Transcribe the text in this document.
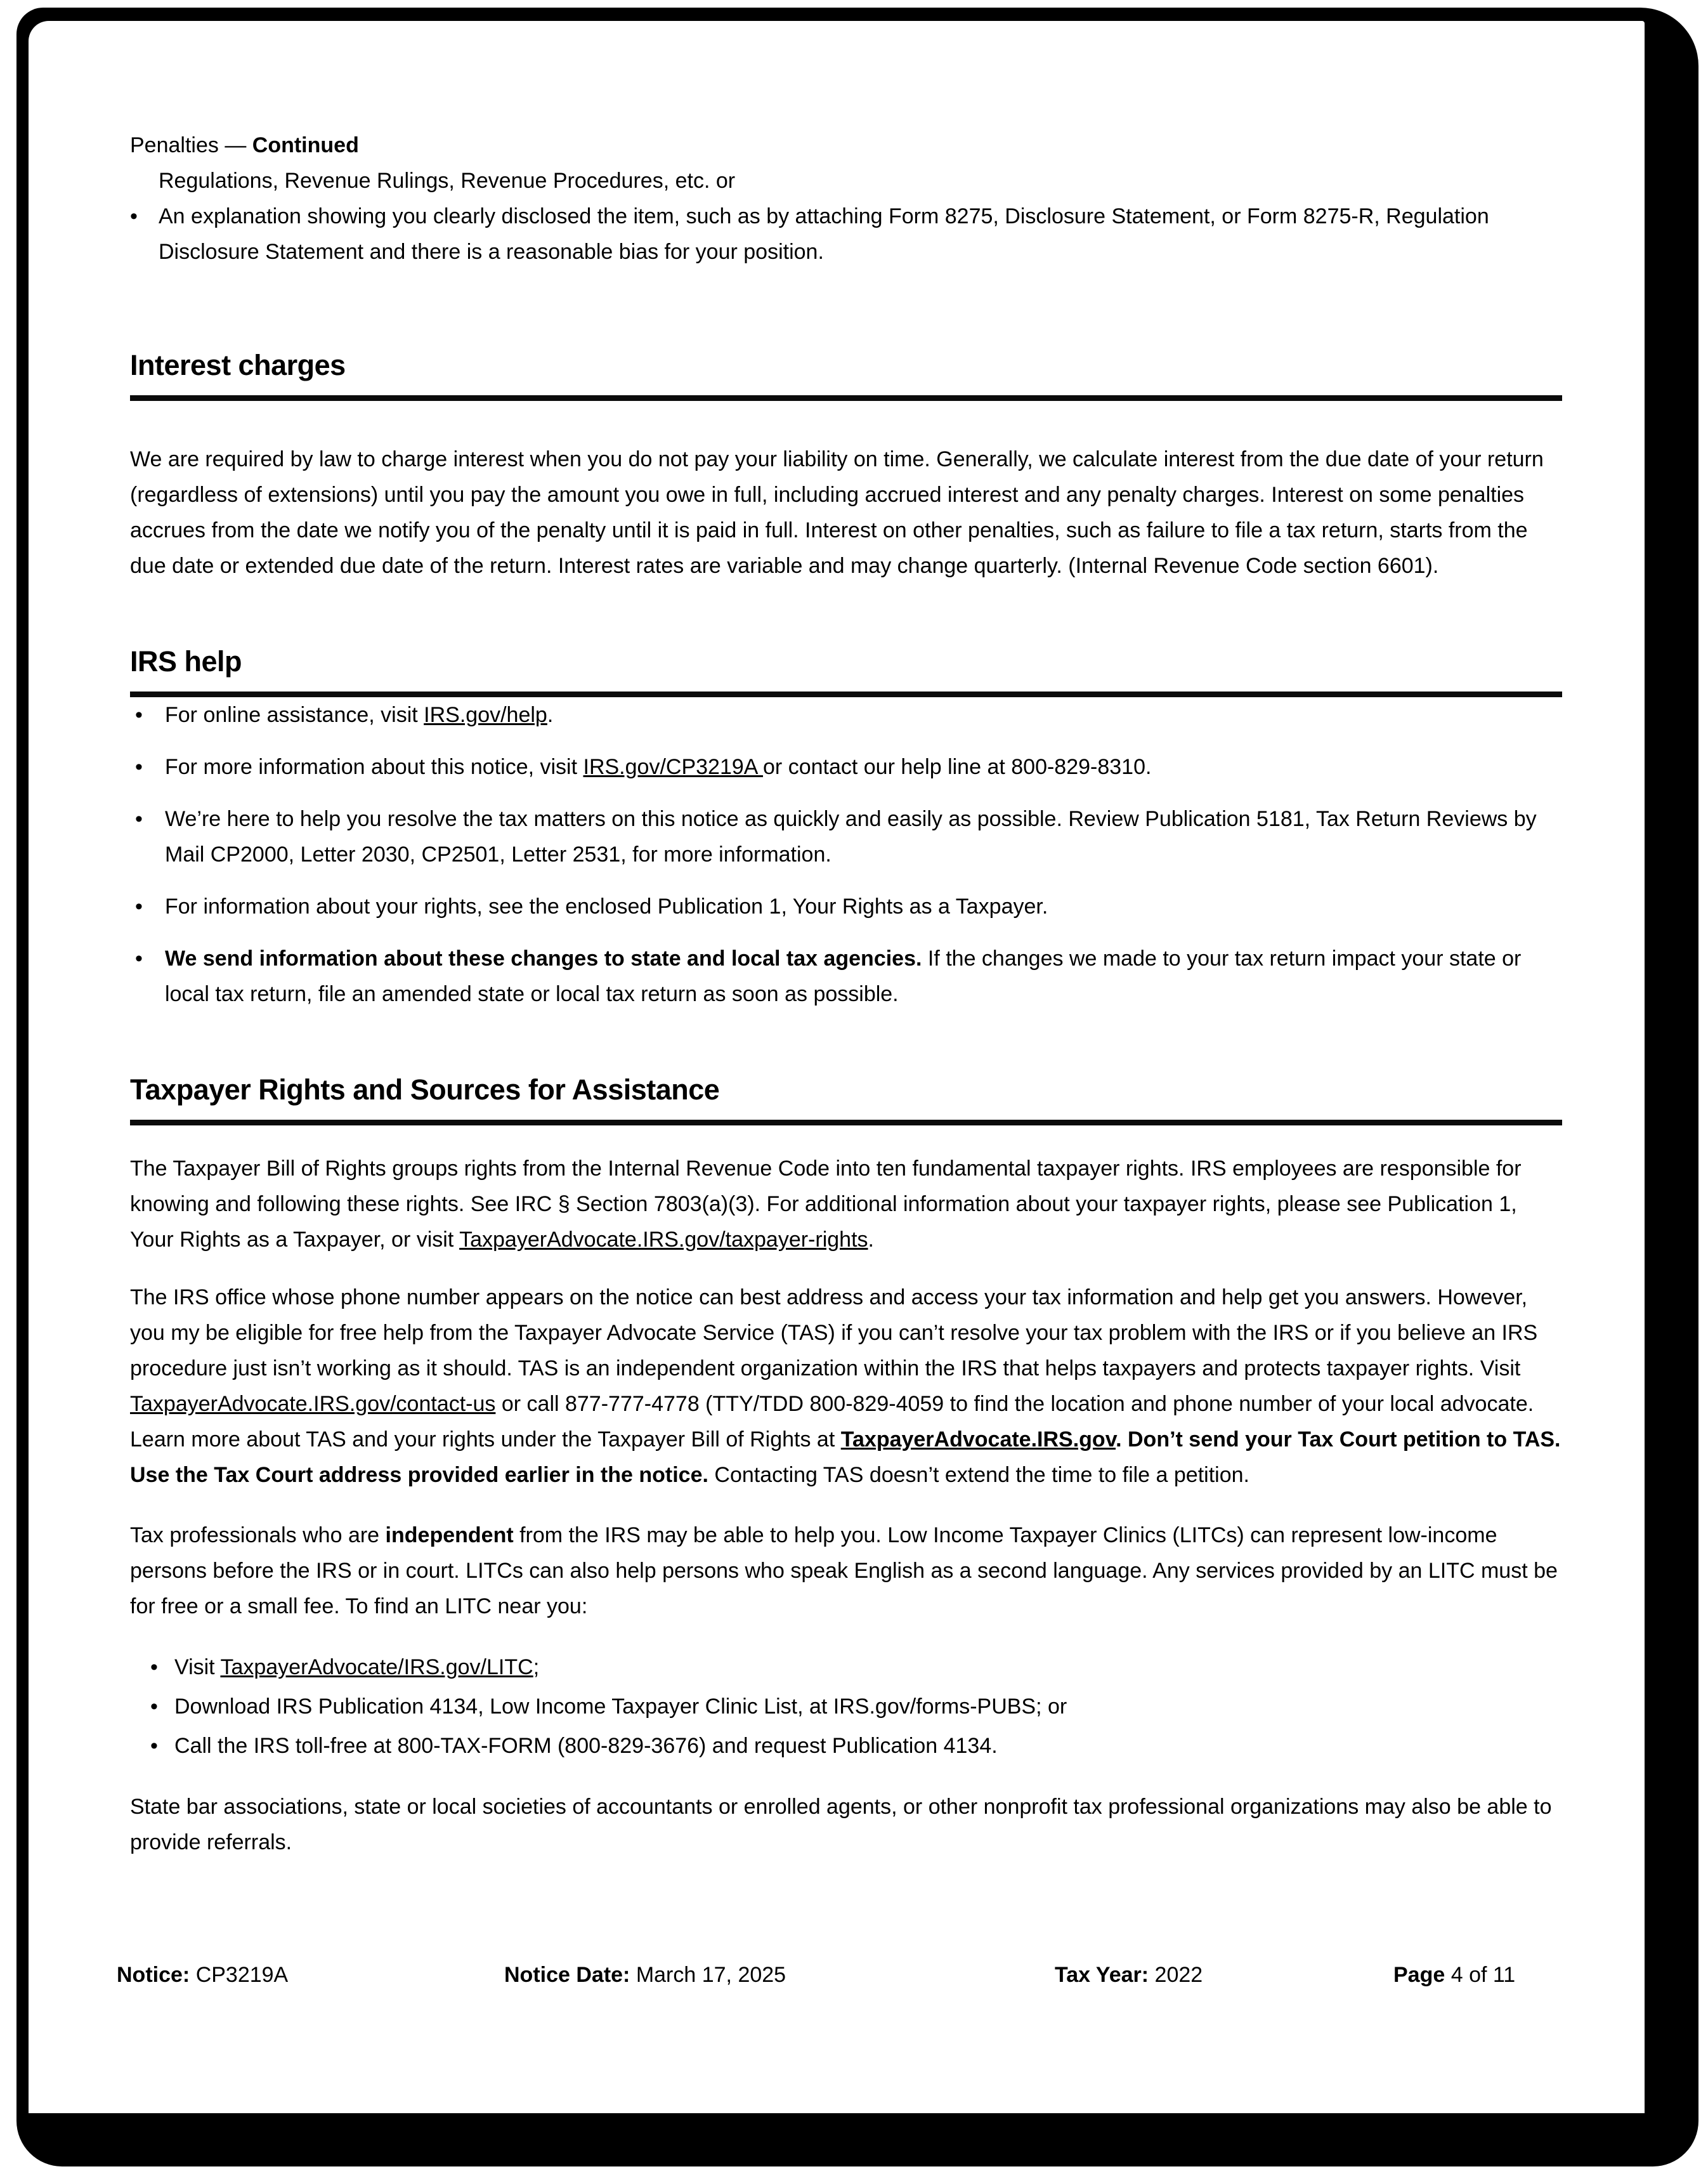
Penalties — Continued

Regulations, Revenue Rulings, Revenue Procedures, etc. or

• An explanation showing you clearly disclosed the item, such as by attaching Form 8275, Disclosure Statement, or Form 8275-R, Regulation Disclosure Statement and there is a reasonable bias for your position.
Interest charges

We are required by law to charge interest when you do not pay your liability on time. Generally, we calculate interest from the due date of your return (regardless of extensions) until you pay the amount you owe in full, including accrued interest and any penalty charges. Interest on some penalties accrues from the date we notify you of the penalty until it is paid in full. Interest on other penalties, such as failure to file a tax return, starts from the due date or extended due date of the return. Interest rates are variable and may change quarterly. (Internal Revenue Code section 6601).

IRS help
• For online assistance, visit IRS.gov/help.
• For more information about this notice, visit IRS.gov/CP3219A or contact our help line at 800-829-8310.
• We’re here to help you resolve the tax matters on this notice as quickly and easily as possible. Review Publication 5181, Tax Return Reviews by Mail CP2000, Letter 2030, CP2501, Letter 2531, for more information.
• For information about your rights, see the enclosed Publication 1, Your Rights as a Taxpayer.
• We send information about these changes to state and local tax agencies. If the changes we made to your tax return impact your state or local tax return, file an amended state or local tax return as soon as possible.
Taxpayer Rights and Sources for Assistance

The Taxpayer Bill of Rights groups rights from the Internal Revenue Code into ten fundamental taxpayer rights. IRS employees are responsible for knowing and following these rights. See IRC § Section 7803(a)(3). For additional information about your taxpayer rights, please see Publication 1, Your Rights as a Taxpayer, or visit TaxpayerAdvocate.IRS.gov/taxpayer-rights.

The IRS office whose phone number appears on the notice can best address and access your tax information and help get you answers. However, you my be eligible for free help from the Taxpayer Advocate Service (TAS) if you can’t resolve your tax problem with the IRS or if you believe an IRS procedure just isn’t working as it should. TAS is an independent organization within the IRS that helps taxpayers and protects taxpayer rights. Visit TaxpayerAdvocate.IRS.gov/contact-us or call 877-777-4778 (TTY/TDD 800-829-4059 to find the location and phone number of your local advocate. Learn more about TAS and your rights under the Taxpayer Bill of Rights at TaxpayerAdvocate.IRS.gov. Don’t send your Tax Court petition to TAS. Use the Tax Court address provided earlier in the notice. Contacting TAS doesn’t extend the time to file a petition.

Tax professionals who are independent from the IRS may be able to help you. Low Income Taxpayer Clinics (LITCs) can represent low-income persons before the IRS or in court. LITCs can also help persons who speak English as a second language. Any services provided by an LITC must be for free or a small fee. To find an LITC near you:

• Visit TaxpayerAdvocate/IRS.gov/LITC;
• Download IRS Publication 4134, Low Income Taxpayer Clinic List, at IRS.gov/forms-PUBS; or
• Call the IRS toll-free at 800-TAX-FORM (800-829-3676) and request Publication 4134.

State bar associations, state or local societies of accountants or enrolled agents, or other nonprofit tax professional organizations may also be able to provide referrals.

Notice: CP3219A	Notice Date: March 17, 2025	Tax Year: 2022	Page 4 of 11
